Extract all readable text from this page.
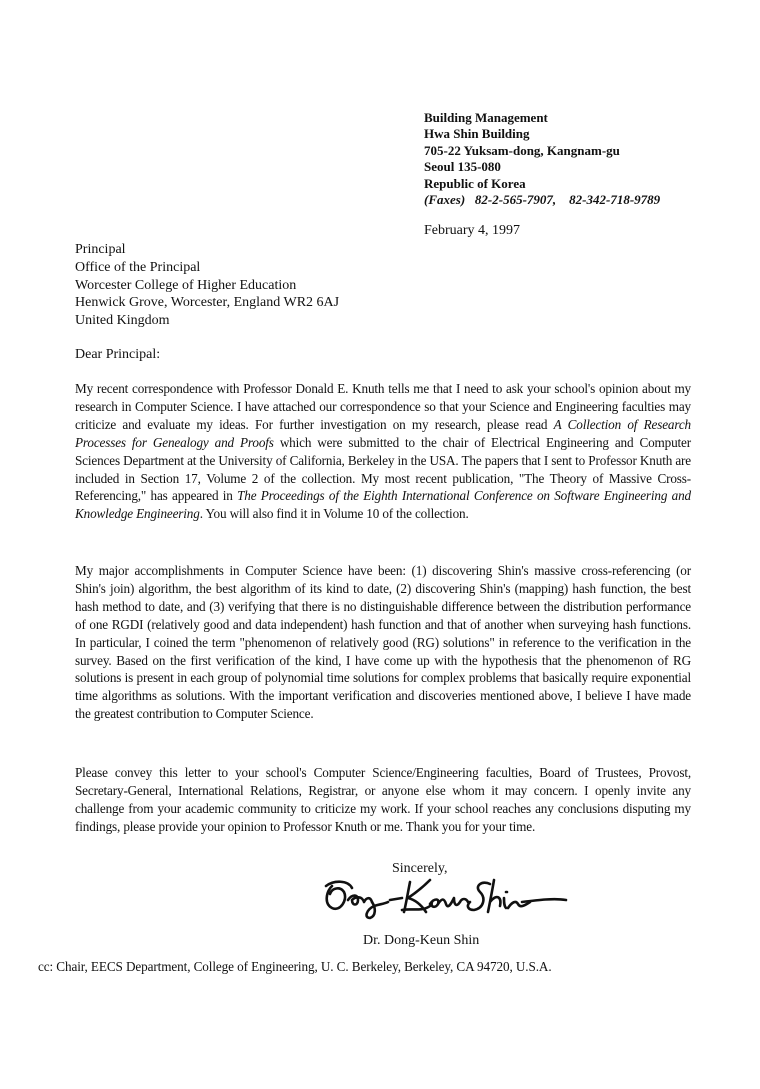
Building Management
Hwa Shin Building
705-22 Yuksam-dong, Kangnam-gu
Seoul 135-080
Republic of Korea
(Faxes) 82-2-565-7907, 82-342-718-9789
February 4, 1997
Principal
Office of the Principal
Worcester College of Higher Education
Henwick Grove, Worcester, England WR2 6AJ
United Kingdom
Dear Principal:
My recent correspondence with Professor Donald E. Knuth tells me that I need to ask your school's opinion about my research in Computer Science. I have attached our correspondence so that your Science and Engineering faculties may criticize and evaluate my ideas. For further investigation on my research, please read A Collection of Research Processes for Genealogy and Proofs which were submitted to the chair of Electrical Engineering and Computer Sciences Department at the University of California, Berkeley in the USA. The papers that I sent to Professor Knuth are included in Section 17, Volume 2 of the collection. My most recent publication, "The Theory of Massive Cross-Referencing," has appeared in The Proceedings of the Eighth International Conference on Software Engineering and Knowledge Engineering. You will also find it in Volume 10 of the collection.
My major accomplishments in Computer Science have been: (1) discovering Shin's massive cross-referencing (or Shin's join) algorithm, the best algorithm of its kind to date, (2) discovering Shin's (mapping) hash function, the best hash method to date, and (3) verifying that there is no distinguishable difference between the distribution performance of one RGDI (relatively good and data independent) hash function and that of another when surveying hash functions. In particular, I coined the term "phenomenon of relatively good (RG) solutions" in reference to the verification in the survey. Based on the first verification of the kind, I have come up with the hypothesis that the phenomenon of RG solutions is present in each group of polynomial time solutions for complex problems that basically require exponential time algorithms as solutions. With the important verification and discoveries mentioned above, I believe I have made the greatest contribution to Computer Science.
Please convey this letter to your school's Computer Science/Engineering faculties, Board of Trustees, Provost, Secretary-General, International Relations, Registrar, or anyone else whom it may concern. I openly invite any challenge from your academic community to criticize my work. If your school reaches any conclusions disputing my findings, please provide your opinion to Professor Knuth or me. Thank you for your time.
Sincerely,
Dr. Dong-Keun Shin
cc: Chair, EECS Department, College of Engineering, U. C. Berkeley, Berkeley, CA 94720, U.S.A.
